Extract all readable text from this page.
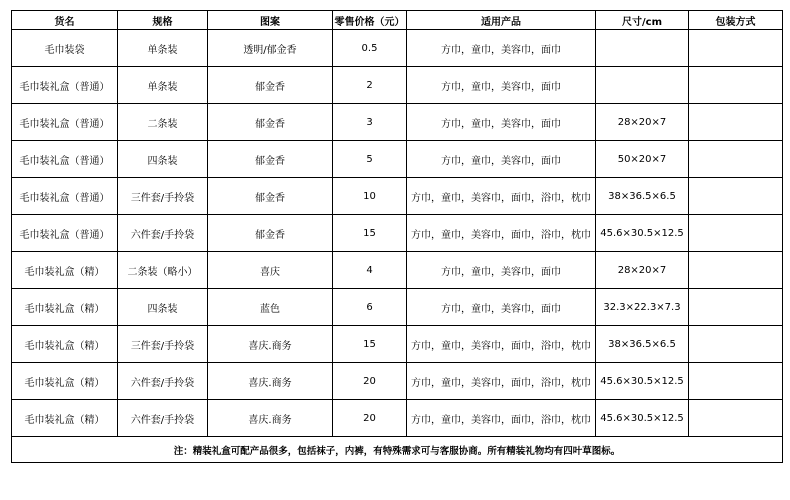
货名	规格	图案	零售价格（元）	适用产品	尺寸/cm	包装方式
毛巾装袋	单条装	透明/郁金香	0.5	方巾，童巾，美容巾，面巾		
毛巾装礼盒（普通）	单条装	郁金香	2	方巾，童巾，美容巾，面巾		
毛巾装礼盒（普通）	二条装	郁金香	3	方巾，童巾，美容巾，面巾	28×20×7	
毛巾装礼盒（普通）	四条装	郁金香	5	方巾，童巾，美容巾，面巾	50×20×7	
毛巾装礼盒（普通）	三件套/手拎袋	郁金香	10	方巾，童巾，美容巾，面巾，浴巾，枕巾	38×36.5×6.5	
毛巾装礼盒（普通）	六件套/手拎袋	郁金香	15	方巾，童巾，美容巾，面巾，浴巾，枕巾	45.6×30.5×12.5	
毛巾装礼盒（精）	二条装（略小）	喜庆	4	方巾，童巾，美容巾，面巾	28×20×7	
毛巾装礼盒（精）	四条装	蓝色	6	方巾，童巾，美容巾，面巾	32.3×22.3×7.3	
毛巾装礼盒（精）	三件套/手拎袋	喜庆.商务	15	方巾，童巾，美容巾，面巾，浴巾，枕巾	38×36.5×6.5	
毛巾装礼盒（精）	六件套/手拎袋	喜庆.商务	20	方巾，童巾，美容巾，面巾，浴巾，枕巾	45.6×30.5×12.5	
毛巾装礼盒（精）	六件套/手拎袋	喜庆.商务	20	方巾，童巾，美容巾，面巾，浴巾，枕巾	45.6×30.5×12.5	
注：精装礼盒可配产品很多，包括袜子，内裤，有特殊需求可与客服协商。所有精装礼物均有四叶草图标。						
